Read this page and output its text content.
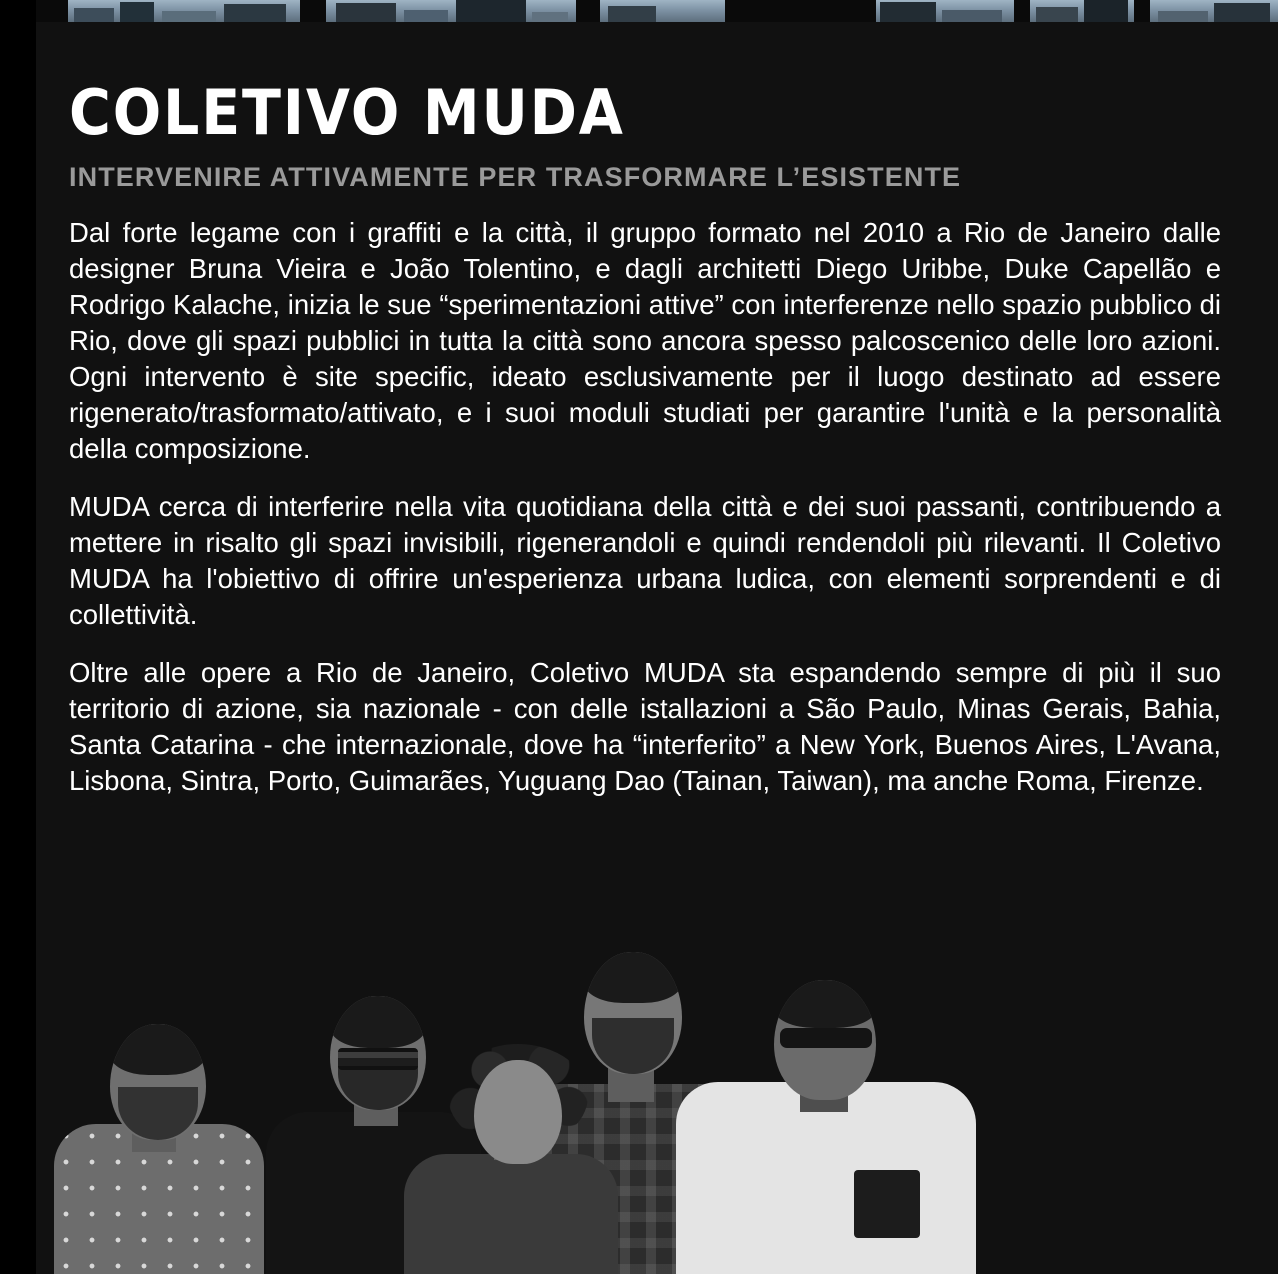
COLETIVO MUDA
INTERVENIRE ATTIVAMENTE PER TRASFORMARE L’ESISTENTE

Dal forte legame con i graffiti e la città, il gruppo formato nel 2010 a Rio de Janeiro dalle designer Bruna Vieira e João Tolentino, e dagli architetti Diego Uribbe, Duke Capellão e Rodrigo Kalache, inizia le sue “sperimentazioni attive” con interferenze nello spazio pubblico di Rio, dove gli spazi pubblici in tutta la città sono ancora spesso palcoscenico delle loro azioni. Ogni intervento è site specific, ideato esclusivamente per il luogo destinato ad essere rigenerato/trasformato/attivato, e i suoi moduli studiati per garantire l'unità e la personalità della composizione.

MUDA cerca di interferire nella vita quotidiana della città e dei suoi passanti, contribuendo a mettere in risalto gli spazi invisibili, rigenerandoli e quindi rendendoli più rilevanti. Il Coletivo MUDA ha l'obiettivo di offrire un'esperienza urbana ludica, con elementi sorprendenti e di collettività.

Oltre alle opere a Rio de Janeiro, Coletivo MUDA sta espandendo sempre di più il suo territorio di azione, sia nazionale - con delle istallazioni a São Paulo, Minas Gerais, Bahia, Santa Catarina - che internazionale, dove ha “interferito” a New York, Buenos Aires, L'Avana, Lisbona, Sintra, Porto, Guimarães, Yuguang Dao (Tainan, Taiwan), ma anche Roma, Firenze.
